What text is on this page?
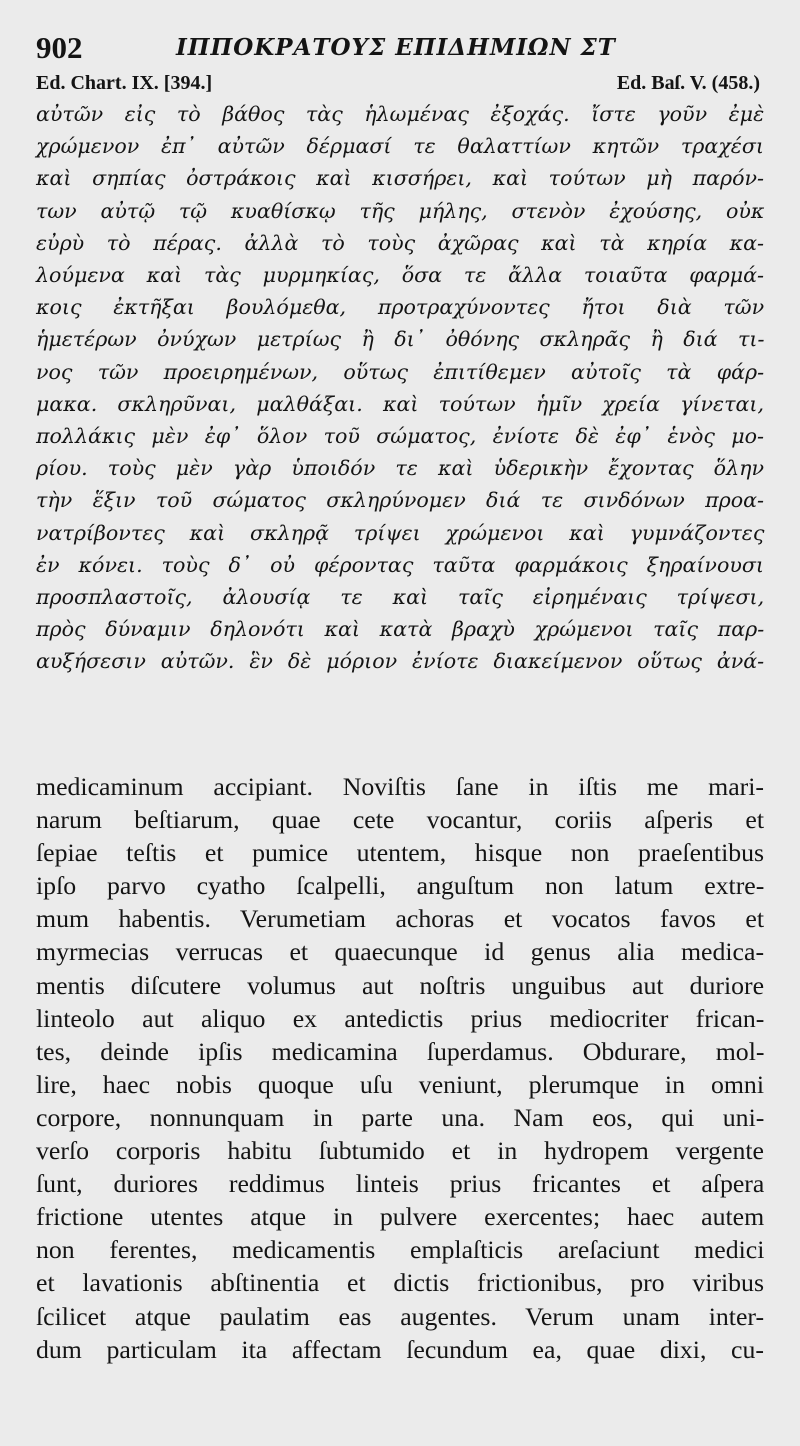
902	ΙΠΠΟΚΡΑΤΟΥΣ ΕΠΙΔΗΜΙΩΝ ΣΤ
Ed. Chart. IX. [394.]	Ed. Baſ. V. (458.)
αὐτῶν εἰς τὸ βάθος τὰς ἡλωμένας ἐξοχάς. ἴστε γοῦν ἐμὲ
χρώμενον ἐπ᾽ αὐτῶν δέρμασί τε θαλαττίων κητῶν τραχέσι
καὶ σηπίας ὀστράκοις καὶ κισσήρει, καὶ τούτων μὴ παρόν-
των αὐτῷ τῷ κυαθίσκῳ τῆς μήλης, στενὸν ἐχούσης, οὐκ
εὐρὺ τὸ πέρας. ἀλλὰ τὸ τοὺς ἀχῶρας καὶ τὰ κηρία κα-
λούμενα καὶ τὰς μυρμηκίας, ὅσα τε ἄλλα τοιαῦτα φαρμά-
κοις ἐκτῆξαι βουλόμεθα, προτραχύνοντες ἤτοι διὰ τῶν
ἡμετέρων ὀνύχων μετρίως ἢ δι᾽ ὀθόνης σκληρᾶς ἢ διά τι-
νος τῶν προειρημένων, οὕτως ἐπιτίθεμεν αὐτοῖς τὰ φάρ-
μακα. σκληρῦναι, μαλθάξαι. καὶ τούτων ἡμῖν χρεία γίνεται,
πολλάκις μὲν ἐφ᾽ ὅλον τοῦ σώματος, ἐνίοτε δὲ ἐφ᾽ ἑνὸς μο-
ρίου. τοὺς μὲν γὰρ ὑποιδόν τε καὶ ὑδερικὴν ἔχοντας ὅλην
τὴν ἕξιν τοῦ σώματος σκληρύνομεν διά τε σινδόνων προα-
νατρίβοντες καὶ σκληρᾷ τρίψει χρώμενοι καὶ γυμνάζοντες
ἐν κόνει. τοὺς δ᾽ οὐ φέροντας ταῦτα φαρμάκοις ξηραίνουσι
προσπλαστοῖς, ἀλουσίᾳ τε καὶ ταῖς εἰρημέναις τρίψεσι,
πρὸς δύναμιν δηλονότι καὶ κατὰ βραχὺ χρώμενοι ταῖς παρ-
αυξήσεσιν αὐτῶν. ἓν δὲ μόριον ἐνίοτε διακείμενον οὕτως ἀνά-
medicaminum accipiant. Noviſtis ſane in iſtis me mari-
narum beſtiarum, quae cete vocantur, coriis aſperis et
ſepiae teſtis et pumice utentem, hisque non praeſentibus
ipſo parvo cyatho ſcalpelli, anguſtum non latum extre-
mum habentis. Verumetiam achoras et vocatos favos et
myrmecias verrucas et quaecunque id genus alia medica-
mentis diſcutere volumus aut noſtris unguibus aut duriore
linteolo aut aliquo ex antedictis prius mediocriter frican-
tes, deinde ipſis medicamina ſuperdamus. Obdurare, mol-
lire, haec nobis quoque uſu veniunt, plerumque in omni
corpore, nonnunquam in parte una. Nam eos, qui uni-
verſo corporis habitu ſubtumido et in hydropem vergente
ſunt, duriores reddimus linteis prius fricantes et aſpera
frictione utentes atque in pulvere exercentes; haec autem
non ferentes, medicamentis emplaſticis areſaciunt medici
et lavationis abſtinentia et dictis frictionibus, pro viribus
ſcilicet atque paulatim eas augentes. Verum unam inter-
dum particulam ita affectam ſecundum ea, quae dixi, cu-
